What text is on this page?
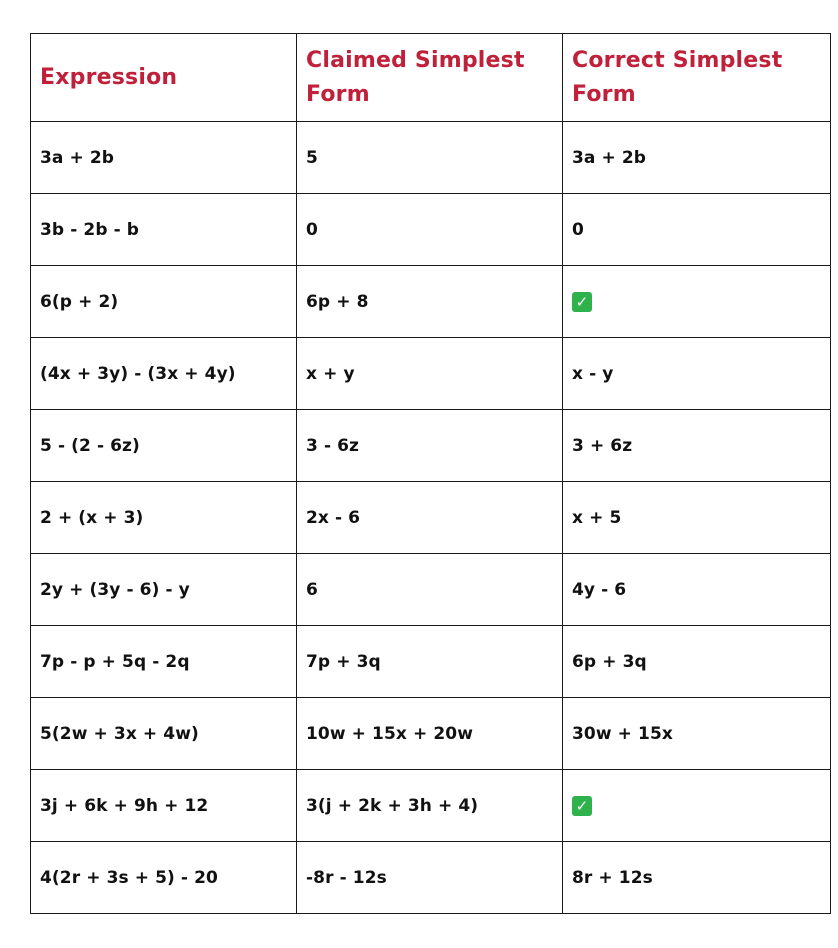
Expression	Claimed Simplest Form	Correct Simplest Form
3a + 2b	5	3a + 2b
3b - 2b - b	0	0
6(p + 2)	6p + 8	✓
(4x + 3y) - (3x + 4y)	x + y	x - y
5 - (2 - 6z)	3 - 6z	3 + 6z
2 + (x + 3)	2x - 6	x + 5
2y + (3y - 6) - y	6	4y - 6
7p - p + 5q - 2q	7p + 3q	6p + 3q
5(2w + 3x + 4w)	10w + 15x + 20w	30w + 15x
3j + 6k + 9h + 12	3(j + 2k + 3h + 4)	✓
4(2r + 3s + 5) - 20	-8r - 12s	8r + 12s
